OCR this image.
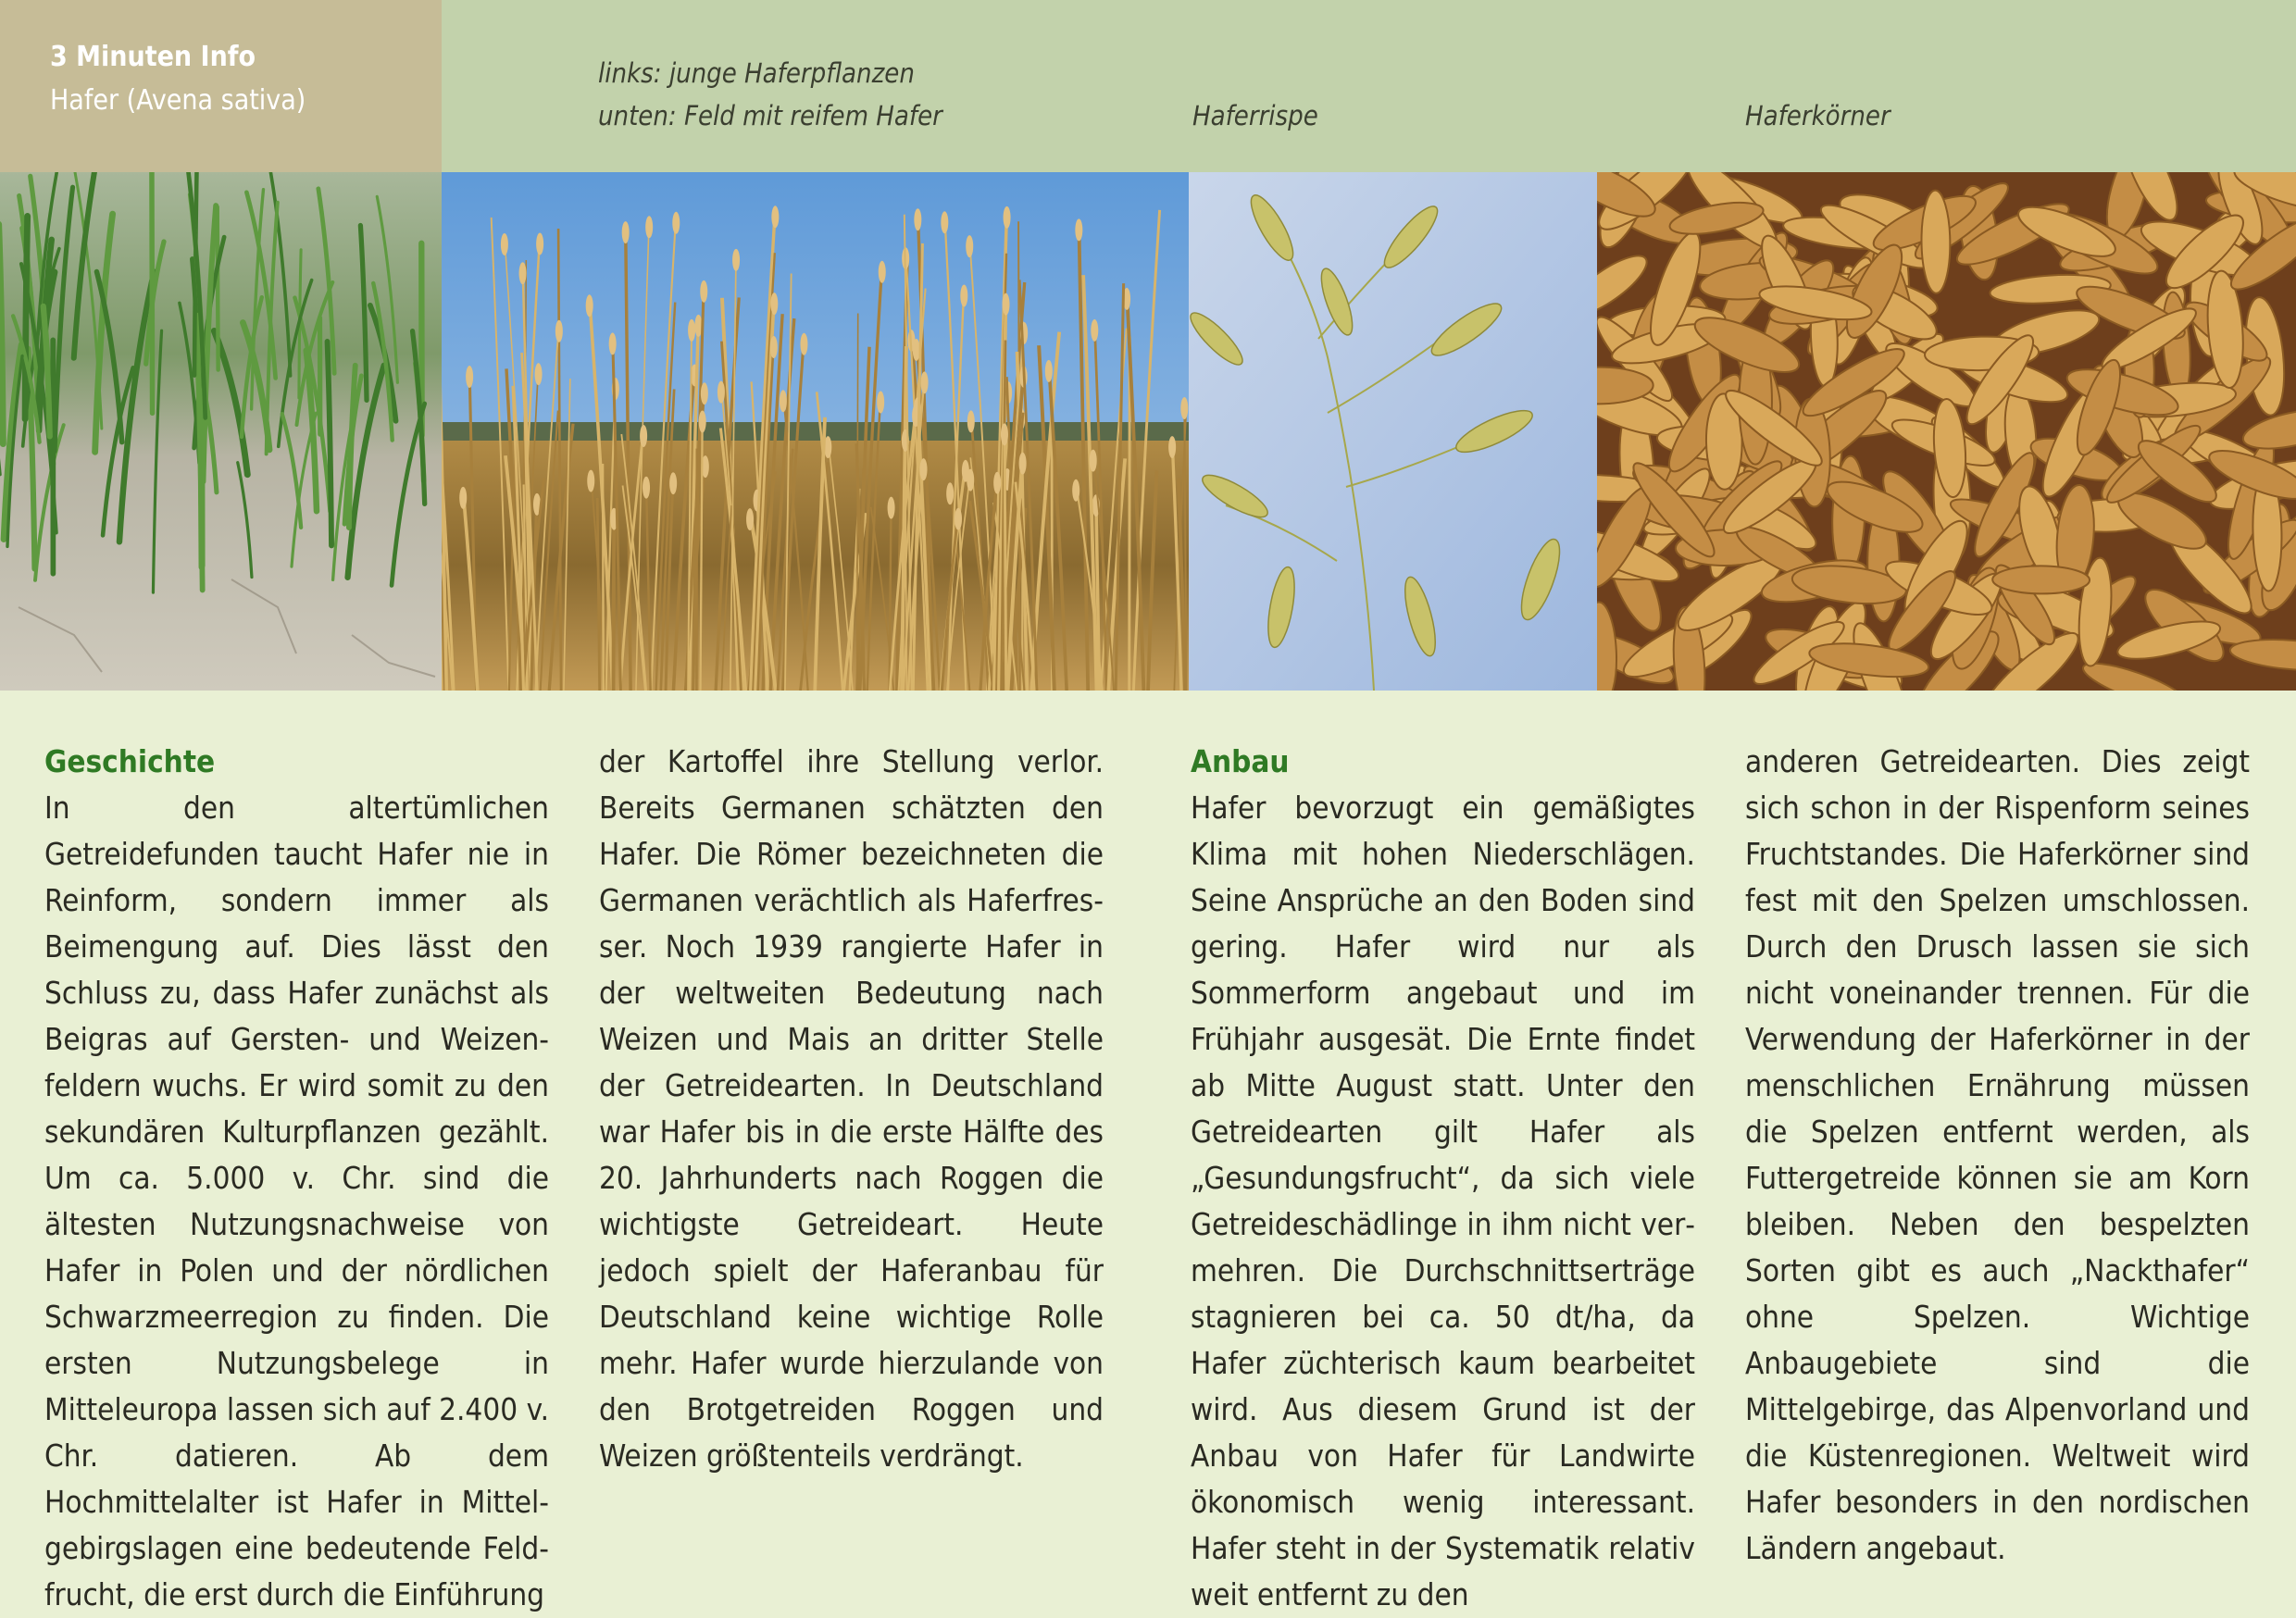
3 Minuten Info
Hafer (Avena sativa)
links: junge Haferpflanzen
unten: Feld mit reifem Hafer	Haferrispe	Haferkörner
Geschichte
In den altertümlichen Getreidefunden taucht Hafer nie in Reinform, sondern immer als Beimengung auf. Dies lässt den Schluss zu, dass Hafer zunächst als Beigras auf Gersten- und Weizenfeldern wuchs. Er wird somit zu den sekundären Kulturpflanzen gezählt. Um ca. 5.000 v. Chr. sind die ältesten Nutzungsnachweise von Hafer in Polen und der nördlichen Schwarzmeerregion zu finden. Die ersten Nutzungsbelege in Mitteleuropa lassen sich auf 2.400 v. Chr. datieren. Ab dem Hochmittelalter ist Hafer in Mittelgebirgslagen eine bedeutende Feldfrucht, die erst durch die Einführung
der Kartoffel ihre Stellung verlor. Bereits Germanen schätzten den Hafer. Die Römer bezeichneten die Germanen verächtlich als Haferfresser. Noch 1939 rangierte Hafer in der weltweiten Bedeutung nach Weizen und Mais an dritter Stelle der Getreidearten. In Deutschland war Hafer bis in die erste Hälfte des 20. Jahrhunderts nach Roggen die wichtigste Getreideart. Heute jedoch spielt der Haferanbau für Deutschland keine wichtige Rolle mehr. Hafer wurde hierzulande von den Brotgetreiden Roggen und Weizen größtenteils verdrängt.
Anbau
Hafer bevorzugt ein gemäßigtes Klima mit hohen Niederschlägen. Seine Ansprüche an den Boden sind gering. Hafer wird nur als Sommerform angebaut und im Frühjahr ausgesät. Die Ernte findet ab Mitte August statt. Unter den Getreidearten gilt Hafer als „Gesundungsfrucht“, da sich viele Getreideschädlinge in ihm nicht vermehren. Die Durchschnittserträge stagnieren bei ca. 50 dt/ha, da Hafer züchterisch kaum bearbeitet wird. Aus diesem Grund ist der Anbau von Hafer für Landwirte ökonomisch wenig interessant. Hafer steht in der Systematik relativ weit entfernt zu den
anderen Getreidearten. Dies zeigt sich schon in der Rispenform seines Fruchtstandes. Die Haferkörner sind fest mit den Spelzen umschlossen. Durch den Drusch lassen sie sich nicht voneinander trennen. Für die Verwendung der Haferkörner in der menschlichen Ernährung müssen die Spelzen entfernt werden, als Futtergetreide können sie am Korn bleiben. Neben den bespelzten Sorten gibt es auch „Nackthafer“ ohne Spelzen. Wichtige Anbaugebiete sind die Mittelgebirge, das Alpenvorland und die Küstenregionen. Weltweit wird Hafer besonders in den nordischen Ländern angebaut.
